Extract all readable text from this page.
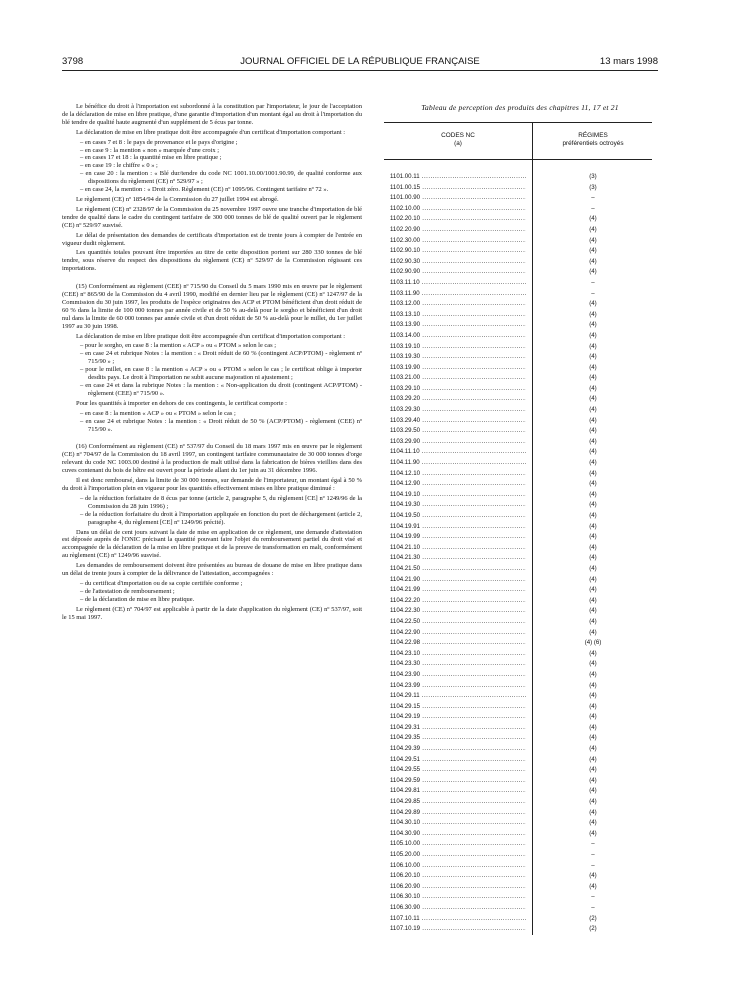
3798	JOURNAL OFFICIEL DE LA RÉPUBLIQUE FRANÇAISE	13 mars 1998

Le bénéfice du droit à l'importation est subordonné à la constitution par l'importateur, le jour de l'acceptation de la déclaration de mise en libre pratique, d'une garantie d'importation d'un montant égal au droit à l'importation du blé tendre de qualité haute augmenté d'un supplément de 5 écus par tonne.

La déclaration de mise en libre pratique doit être accompagnée d'un certificat d'importation comportant :

– en cases 7 et 8 : le pays de provenance et le pays d'origine ;
– en case 9 : la mention « non » marquée d'une croix ;
– en cases 17 et 18 : la quantité mise en libre pratique ;
– en case 19 : le chiffre « 0 » ;
– en case 20 : la mention : « Blé dur/tendre du code NC 1001.10.00/1001.90.99, de qualité conforme aux dispositions du règlement (CE) nº 529/97 » ;
– en case 24, la mention : « Droit zéro. Règlement (CE) nº 1095/96. Contingent tarifaire nº 72 ».

Le règlement (CE) nº 1854/94 de la Commission du 27 juillet 1994 est abrogé.

Le règlement (CE) nº 2328/97 de la Commission du 25 novembre 1997 ouvre une tranche d'importation de blé tendre de qualité dans le cadre du contingent tarifaire de 300 000 tonnes de blé de qualité ouvert par le règlement (CE) nº 529/97 susvisé.

Le délai de présentation des demandes de certificats d'importation est de trente jours à compter de l'entrée en vigueur dudit règlement.

Les quantités totales pouvant être importées au titre de cette disposition portent sur 280 330 tonnes de blé tendre, sous réserve du respect des dispositions du règlement (CE) nº 529/97 de la Commission régissant ces importations.

(15) Conformément au règlement (CEE) nº 715/90 du Conseil du 5 mars 1990 mis en œuvre par le règlement (CEE) nº 865/90 de la Commission du 4 avril 1990, modifié en dernier lieu par le règlement (CE) nº 1247/97 de la Commission du 30 juin 1997, les produits de l'espèce originaires des ACP et PTOM bénéficient d'un droit réduit de 60 % dans la limite de 100 000 tonnes par année civile et de 50 % au-delà pour le sorgho et bénéficient d'un droit nul dans la limite de 60 000 tonnes par année civile et d'un droit réduit de 50 % au-delà pour le millet, du 1er juillet 1997 au 30 juin 1998.

La déclaration de mise en libre pratique doit être accompagnée d'un certificat d'importation comportant :

– pour le sorgho, en case 8 : la mention « ACP » ou « PTOM » selon le cas ;
– en case 24 et rubrique Notes : la mention : « Droit réduit de 60 % (contingent ACP/PTOM) - règlement nº 715/90 » ;
– pour le millet, en case 8 : la mention « ACP » ou « PTOM » selon le cas ; le certificat oblige à importer desdits pays. Le droit à l'importation ne subit aucune majoration ni ajustement ;
– en case 24 et dans la rubrique Notes : la mention : « Non-application du droit (contingent ACP/PTOM) - règlement (CEE) nº 715/90 ».

Pour les quantités à importer en dehors de ces contingents, le certificat comporte :

– en case 8 : la mention « ACP » ou « PTOM » selon le cas ;
– en case 24 et rubrique Notes : la mention : « Droit réduit de 50 % (ACP/PTOM) - règlement (CEE) nº 715/90 ».

(16) Conformément au règlement (CE) nº 537/97 du Conseil du 18 mars 1997 mis en œuvre par le règlement (CE) nº 704/97 de la Commission du 18 avril 1997, un contingent tarifaire communautaire de 30 000 tonnes d'orge relevant du code NC 1003.00 destiné à la production de malt utilisé dans la fabrication de bières vieillies dans des cuves contenant du bois de hêtre est ouvert pour la période allant du 1er juin au 31 décembre 1996.

Il est donc remboursé, dans la limite de 30 000 tonnes, sur demande de l'importateur, un montant égal à 50 % du droit à l'importation plein en vigueur pour les quantités effectivement mises en libre pratique diminué :

– de la réduction forfaitaire de 8 écus par tonne (article 2, paragraphe 5, du règlement [CE] nº 1249/96 de la Commission du 28 juin 1996) ;
– de la réduction forfaitaire du droit à l'importation appliquée en fonction du port de déchargement (article 2, paragraphe 4, du règlement [CE] nº 1249/96 précité).

Dans un délai de cent jours suivant la date de mise en application de ce règlement, une demande d'attestation est déposée auprès de l'ONIC précisant la quantité pouvant faire l'objet du remboursement partiel du droit visé et accompagnée de la déclaration de la mise en libre pratique et de la preuve de transformation en malt, conformément au règlement (CE) nº 1249/96 susvisé.

Les demandes de remboursement doivent être présentées au bureau de douane de mise en libre pratique dans un délai de trente jours à compter de la délivrance de l'attestation, accompagnées :

– du certificat d'importation ou de sa copie certifiée conforme ;
– de l'attestation de remboursement ;
– de la déclaration de mise en libre pratique.

Le règlement (CE) nº 704/97 est applicable à partir de la date d'application du règlement (CE) nº 537/97, soit le 15 mai 1997.

Tableau de perception des produits des chapitres 11, 17 et 21
CODES NC
(a)
RÉGIMES
préférentiels octroyés
1101.00.11 .....	(3)
1101.00.15 .....	(3)
1101.00.90 .....	–
1102.10.00 .....	–
1102.20.10 .....	(4)
1102.20.90 .....	(4)
1102.30.00 .....	(4)
1102.90.10 .....	(4)
1102.90.30 .....	(4)
1102.90.90 .....	(4)
1103.11.10 .....	–
1103.11.90 .....	–
1103.12.00 .....	(4)
1103.13.10 .....	(4)
1103.13.90 .....	(4)
1103.14.00 .....	(4)
1103.19.10 .....	(4)
1103.19.30 .....	(4)
1103.19.90 .....	(4)
1103.21.00 .....	(4)
1103.29.10 .....	(4)
1103.29.20 .....	(4)
1103.29.30 .....	(4)
1103.29.40 .....	(4)
1103.29.50 .....	(4)
1103.29.90 .....	(4)
1104.11.10 .....	(4)
1104.11.90 .....	(4)
1104.12.10 .....	(4)
1104.12.90 .....	(4)
1104.19.10 .....	(4)
1104.19.30 .....	(4)
1104.19.50 .....	(4)
1104.19.91 .....	(4)
1104.19.99 .....	(4)
1104.21.10 .....	(4)
1104.21.30 .....	(4)
1104.21.50 .....	(4)
1104.21.90 .....	(4)
1104.21.99 .....	(4)
1104.22.20 .....	(4)
1104.22.30 .....	(4)
1104.22.50 .....	(4)
1104.22.90 .....	(4)
1104.22.98 .....	(4) (6)
1104.23.10 .....	(4)
1104.23.30 .....	(4)
1104.23.90 .....	(4)
1104.23.99 .....	(4)
1104.29.11 .....	(4)
1104.29.15 .....	(4)
1104.29.19 .....	(4)
1104.29.31 .....	(4)
1104.29.35 .....	(4)
1104.29.39 .....	(4)
1104.29.51 .....	(4)
1104.29.55 .....	(4)
1104.29.59 .....	(4)
1104.29.81 .....	(4)
1104.29.85 .....	(4)
1104.29.89 .....	(4)
1104.30.10 .....	(4)
1104.30.90 .....	(4)
1105.10.00 .....	–
1105.20.00 .....	–
1106.10.00 .....	–
1106.20.10 .....	(4)
1106.20.90 .....	(4)
1106.30.10 .....	–
1106.30.90 .....	–
1107.10.11 .....	(2)
1107.10.19 .....	(2)
